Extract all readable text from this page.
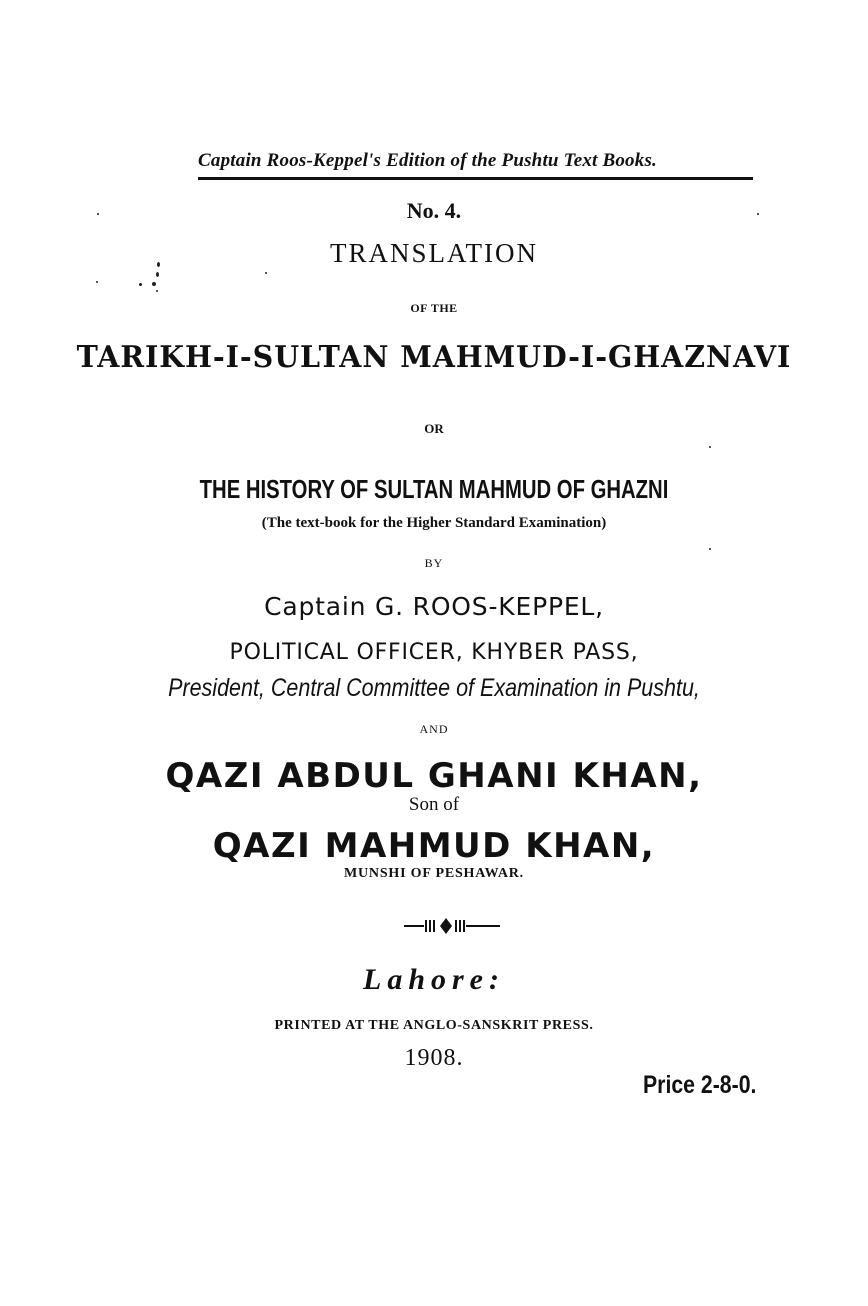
Captain Roos-Keppel's Edition of the Pushtu Text Books.
No. 4.
TRANSLATION
OF THE
TARIKH-I-SULTAN MAHMUD-I-GHAZNAVI
OR
THE HISTORY OF SULTAN MAHMUD OF GHAZNI
(The text-book for the Higher Standard Examination)
BY
Captain G. ROOS-KEPPEL,
POLITICAL OFFICER, KHYBER PASS,
President, Central Committee of Examination in Pushtu,
AND
QAZI ABDUL GHANI KHAN,
Son of
QAZI MAHMUD KHAN,
MUNSHI OF PESHAWAR.
Lahore:
PRINTED AT THE ANGLO-SANSKRIT PRESS.
1908.
Price 2-8-0.
